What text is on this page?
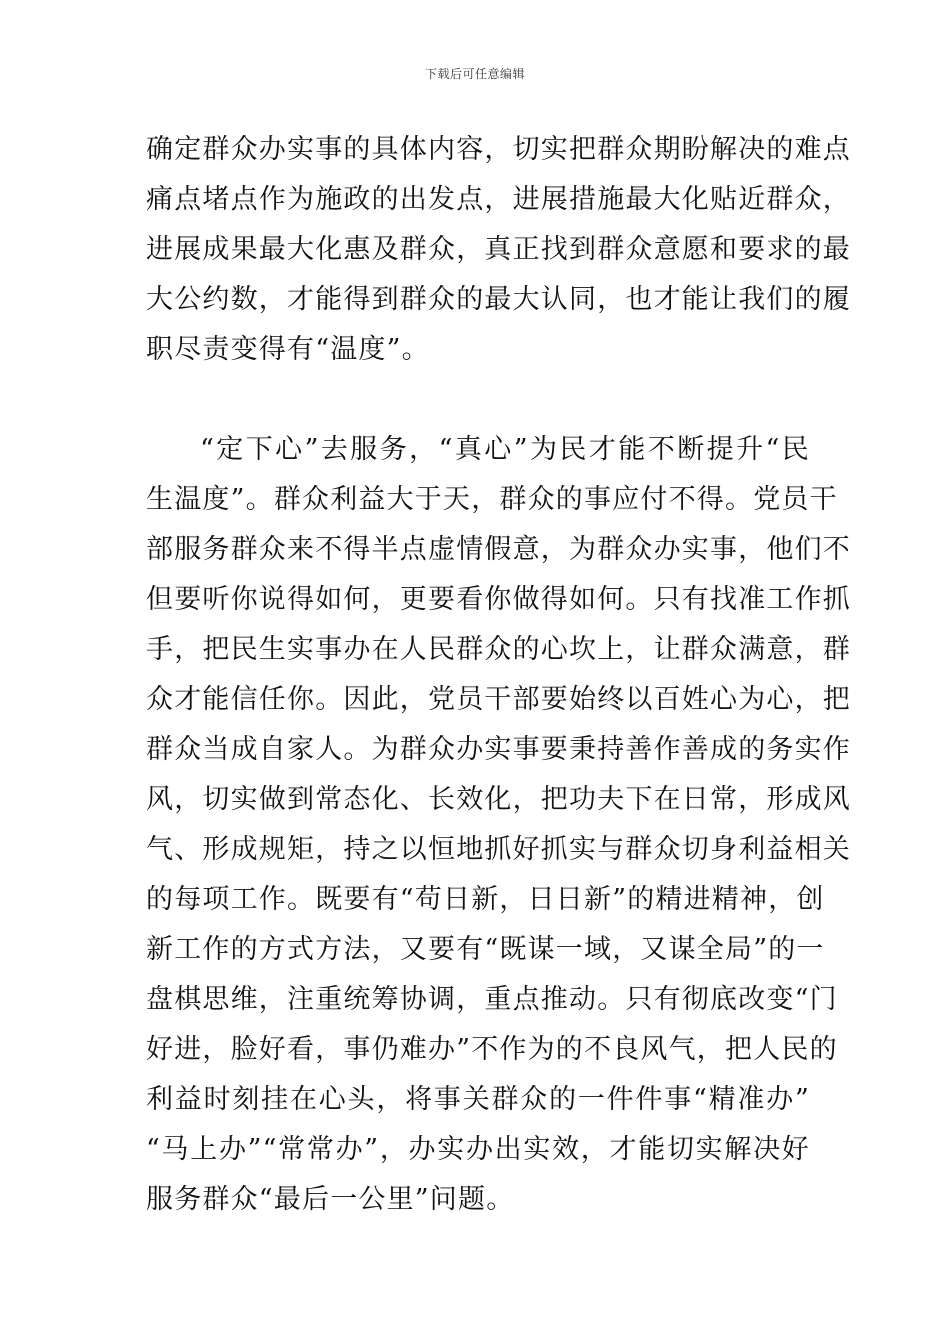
下载后可任意编辑
确定群众办实事的具体内容，切实把群众期盼解决的难点
痛点堵点作为施政的出发点，进展措施最大化贴近群众，
进展成果最大化惠及群众，真正找到群众意愿和要求的最
大公约数，才能得到群众的最大认同，也才能让我们的履
职尽责变得有“温度”。
“定下心”去服务，“真心”为民才能不断提升“民
生温度”。群众利益大于天，群众的事应付不得。党员干
部服务群众来不得半点虚情假意，为群众办实事，他们不
但要听你说得如何，更要看你做得如何。只有找准工作抓
手，把民生实事办在人民群众的心坎上，让群众满意，群
众才能信任你。因此，党员干部要始终以百姓心为心，把
群众当成自家人。为群众办实事要秉持善作善成的务实作
风，切实做到常态化、长效化，把功夫下在日常，形成风
气、形成规矩，持之以恒地抓好抓实与群众切身利益相关
的每项工作。既要有“苟日新，日日新”的精进精神，创
新工作的方式方法，又要有“既谋一域，又谋全局”的一
盘棋思维，注重统筹协调，重点推动。只有彻底改变“门
好进，脸好看，事仍难办”不作为的不良风气，把人民的
利益时刻挂在心头，将事关群众的一件件事“精准办”
“马上办”“常常办”，办实办出实效，才能切实解决好
服务群众“最后一公里”问题。
